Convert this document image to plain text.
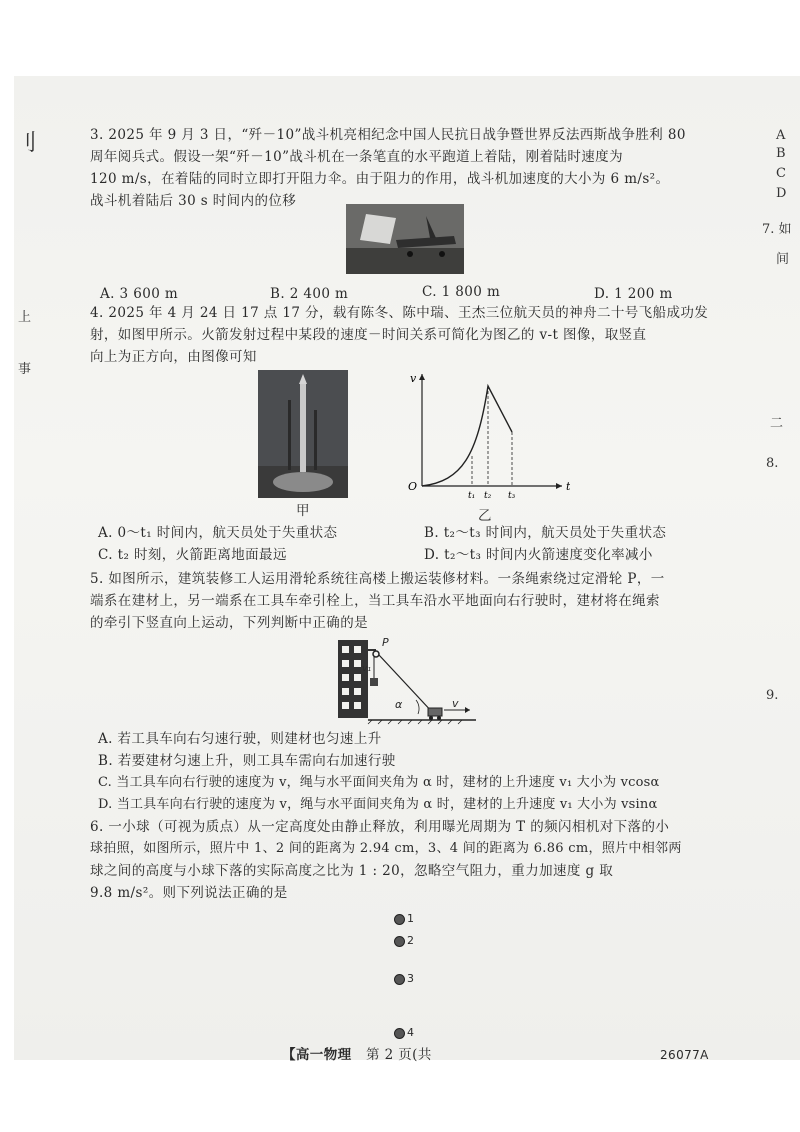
刂
上
事
A
B
C
D
7. 如
间
二
8.
9.
3. 2025 年 9 月 3 日，“歼－10”战斗机亮相纪念中国人民抗日战争暨世界反法西斯战争胜利 80
周年阅兵式。假设一架“歼－10”战斗机在一条笔直的水平跑道上着陆，刚着陆时速度为
120 m/s，在着陆的同时立即打开阻力伞。由于阻力的作用，战斗机加速度的大小为 6 m/s²。
战斗机着陆后 30 s 时间内的位移
A. 3 600 m	B. 2 400 m	C. 1 800 m	D. 1 200 m
4. 2025 年 4 月 24 日 17 点 17 分，载有陈冬、陈中瑞、王杰三位航天员的神舟二十号飞船成功发
射，如图甲所示。火箭发射过程中某段的速度－时间关系可简化为图乙的 v-t 图像，取竖直
向上为正方向，由图像可知
甲
t
v
O
t₁ t₂ t₃
乙
A. 0～t₁ 时间内，航天员处于失重状态	B. t₂～t₃ 时间内，航天员处于失重状态
C. t₂ 时刻，火箭距离地面最远	D. t₂～t₃ 时间内火箭速度变化率减小
5. 如图所示，建筑装修工人运用滑轮系统往高楼上搬运装修材料。一条绳索绕过定滑轮 P，一
端系在建材上，另一端系在工具车牵引栓上，当工具车沿水平地面向右行驶时，建材将在绳索
的牵引下竖直向上运动，下列判断中正确的是
P
α	v
v₁
A. 若工具车向右匀速行驶，则建材也匀速上升
B. 若要建材匀速上升，则工具车需向右加速行驶
C. 当工具车向右行驶的速度为 v，绳与水平面间夹角为 α 时，建材的上升速度 v₁ 大小为 vcosα
D. 当工具车向右行驶的速度为 v，绳与水平面间夹角为 α 时，建材的上升速度 v₁ 大小为 vsinα
6. 一小球（可视为质点）从一定高度处由静止释放，利用曝光周期为 T 的频闪相机对下落的小
球拍照，如图所示，照片中 1、2 间的距离为 2.94 cm，3、4 间的距离为 6.86 cm，照片中相邻两
球之间的高度与小球下落的实际高度之比为 1 : 20，忽略空气阻力，重力加速度 g 取
9.8 m/s²。则下列说法正确的是
1
2
3
4
【高一物理 第 2 页(共	26077A
